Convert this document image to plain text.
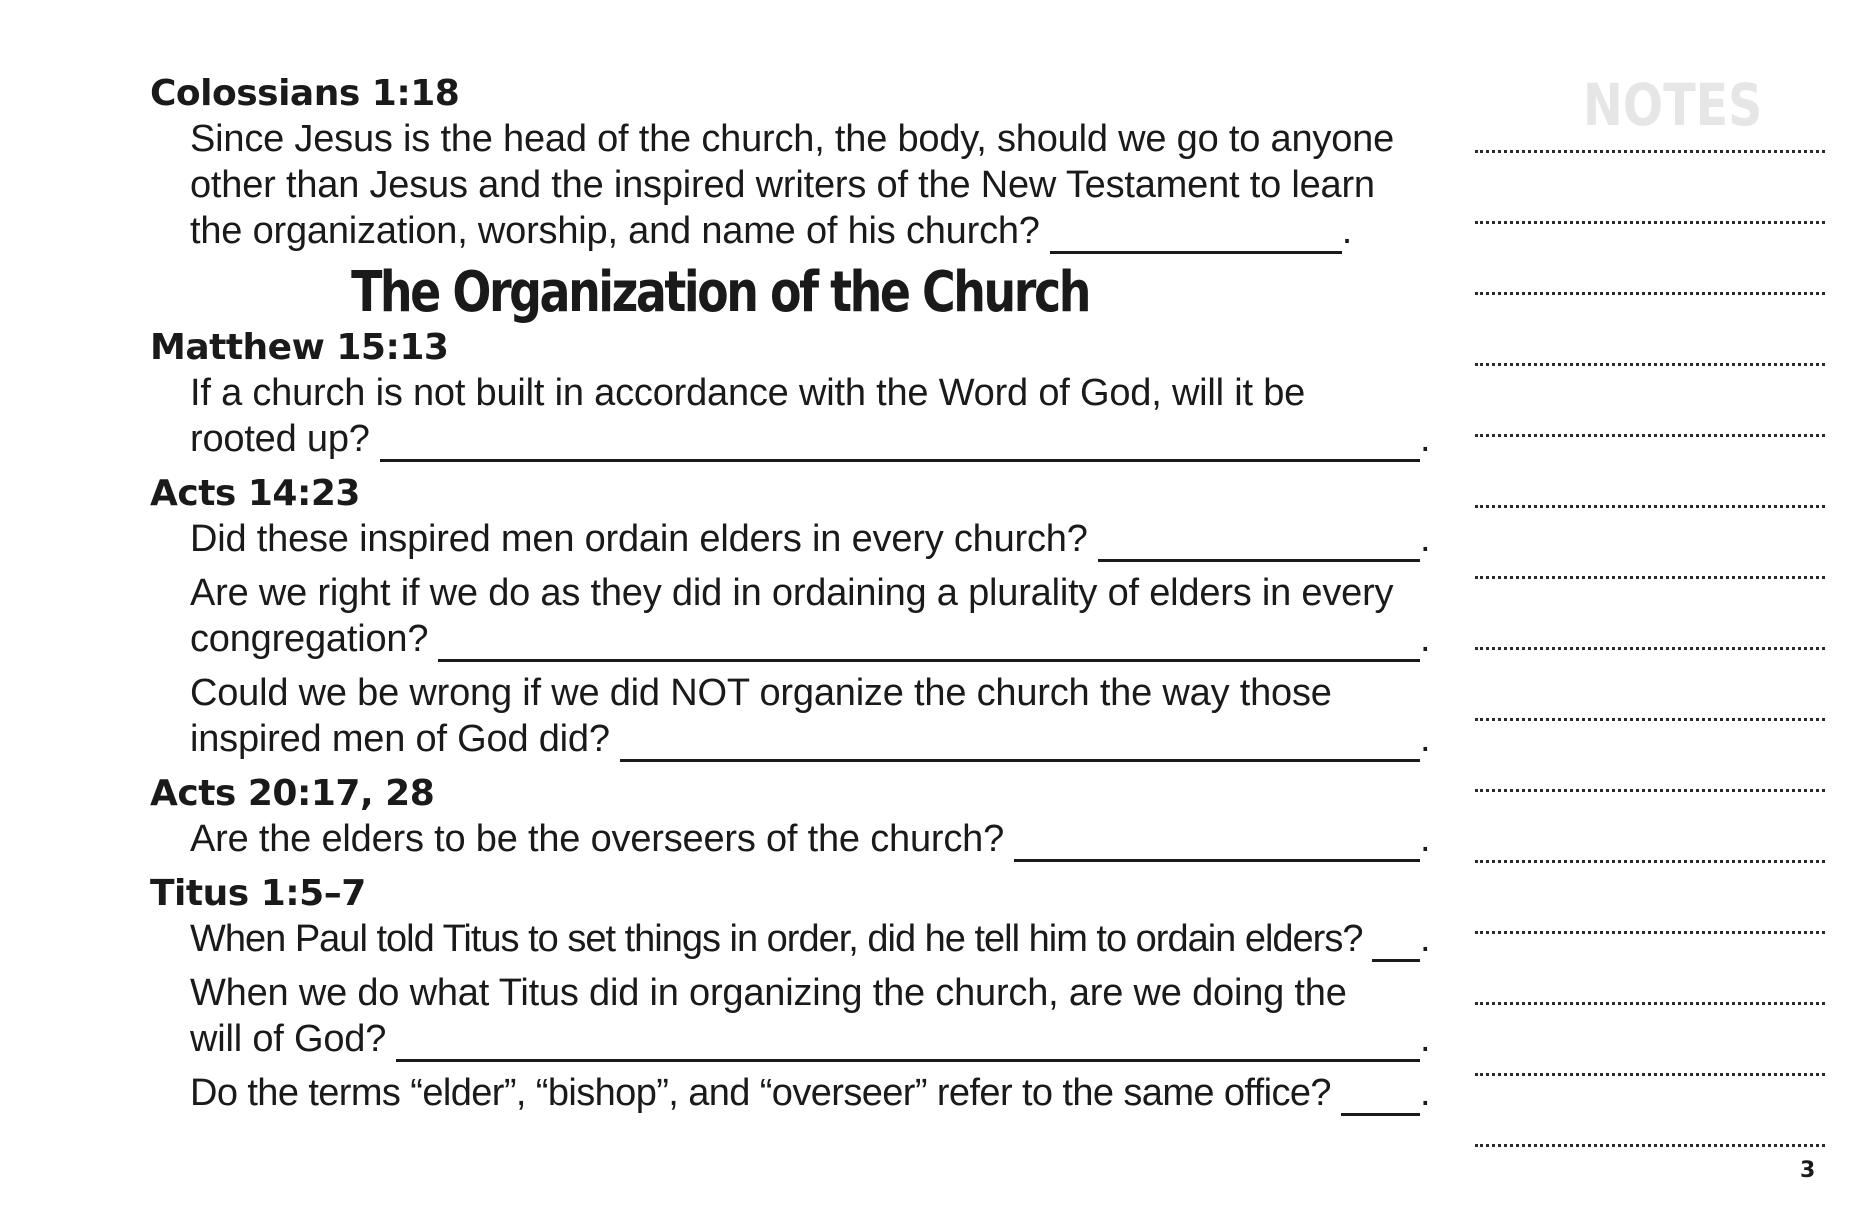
Colossians 1:18

Since Jesus is the head of the church, the body, should we go to anyone

other than Jesus and the inspired writers of the New Testament to learn

the organization, worship, and name of his church?	.
The Organization of the Church

Matthew 15:13

If a church is not built in accordance with the Word of God, will it be

rooted up?	.

Acts 14:23

Did these inspired men ordain elders in every church?	.

Are we right if we do as they did in ordaining a plurality of elders in every

congregation?	.

Could we be wrong if we did NOT organize the church the way those

inspired men of God did?	.

Acts 20:17, 28

Are the elders to be the overseers of the church?	.

Titus 1:5–7

When Paul told Titus to set things in order, did he tell him to ordain elders? .

When we do what Titus did in organizing the church, are we doing the

will of God?	.
Do the terms “elder”, “bishop”, and “overseer” refer to the same office? .
NOTES
3
